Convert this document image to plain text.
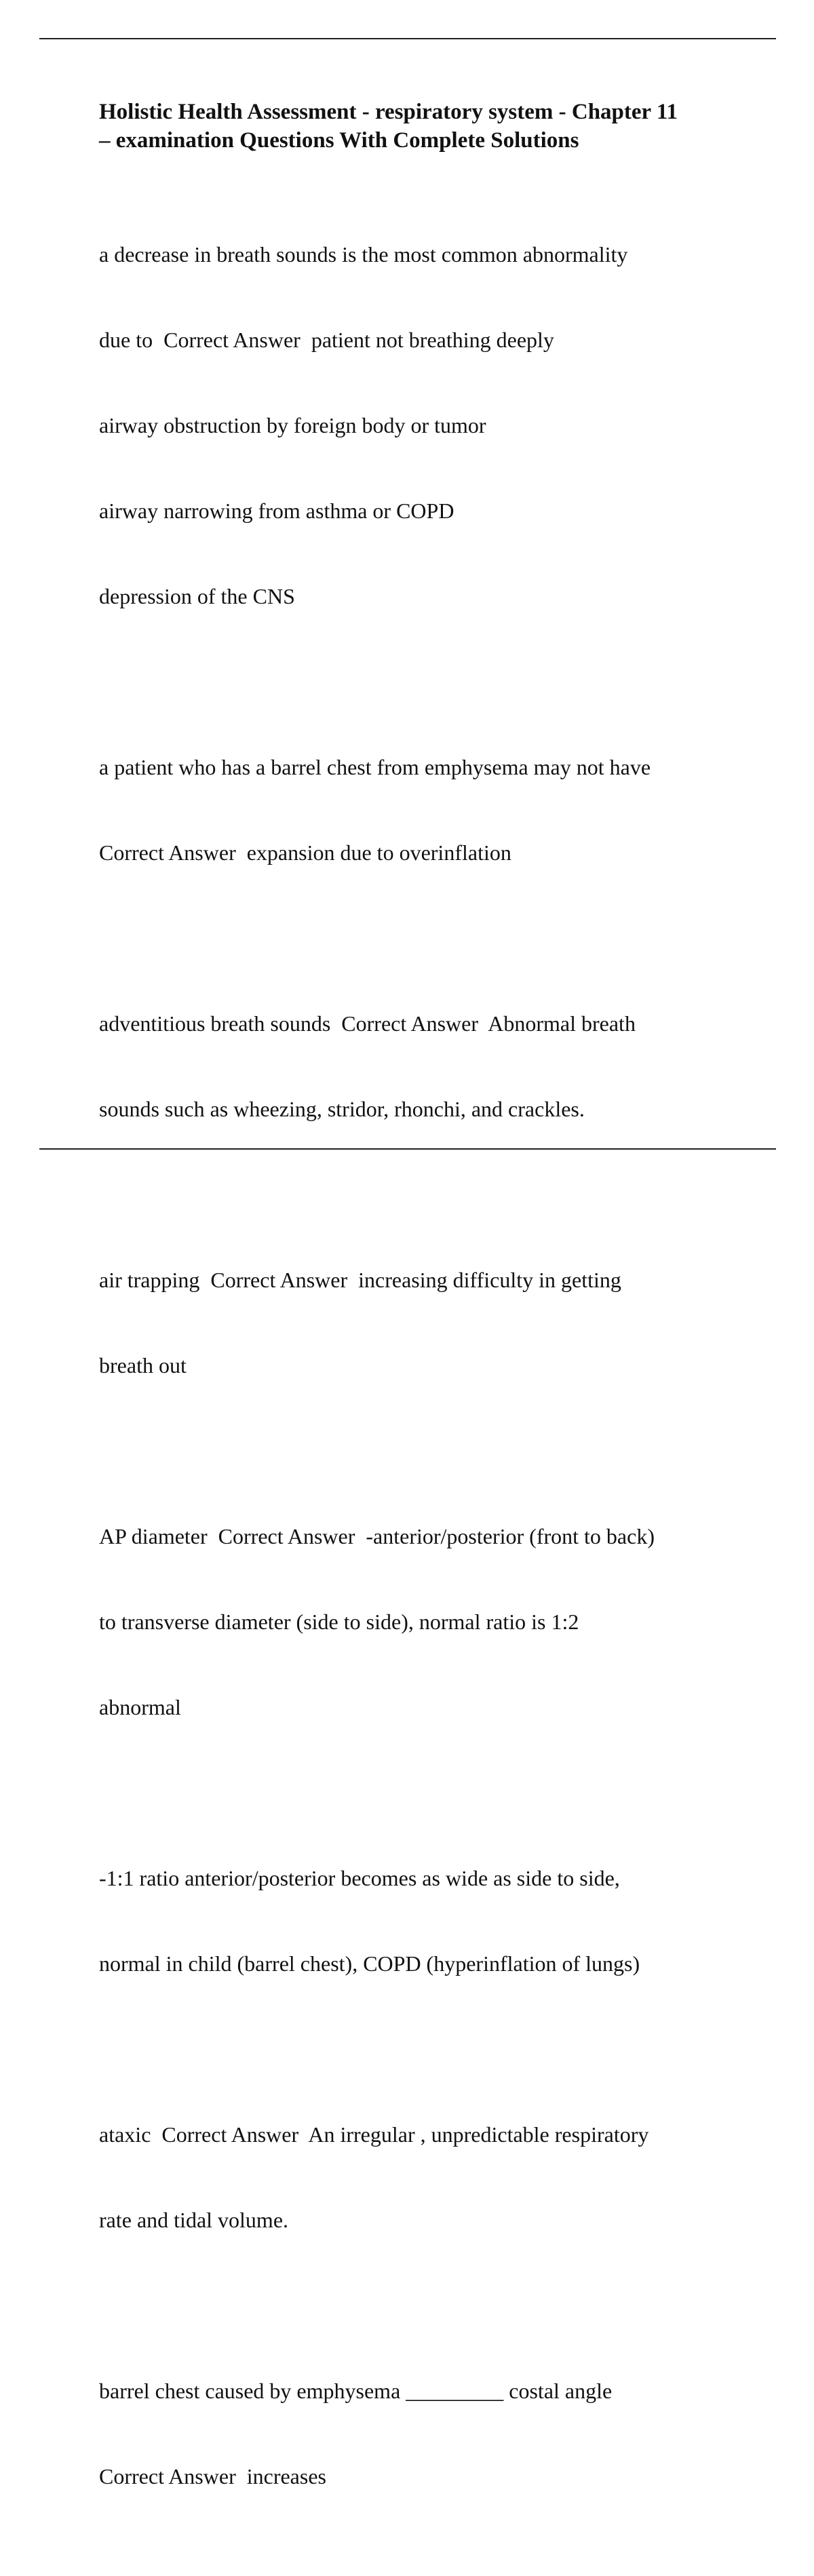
Holistic Health Assessment - respiratory system - Chapter 11
– examination Questions With Complete Solutions

a decrease in breath sounds is the most common abnormality

due to  Correct Answer  patient not breathing deeply

airway obstruction by foreign body or tumor

airway narrowing from asthma or COPD

depression of the CNS

a patient who has a barrel chest from emphysema may not have

Correct Answer  expansion due to overinflation

adventitious breath sounds  Correct Answer  Abnormal breath

sounds such as wheezing, stridor, rhonchi, and crackles.

air trapping  Correct Answer  increasing difficulty in getting

breath out

AP diameter  Correct Answer  -anterior/posterior (front to back)

to transverse diameter (side to side), normal ratio is 1:2

abnormal

-1:1 ratio anterior/posterior becomes as wide as side to side,

normal in child (barrel chest), COPD (hyperinflation of lungs)

ataxic  Correct Answer  An irregular , unpredictable respiratory

rate and tidal volume.

barrel chest caused by emphysema _________ costal angle

Correct Answer  increases
